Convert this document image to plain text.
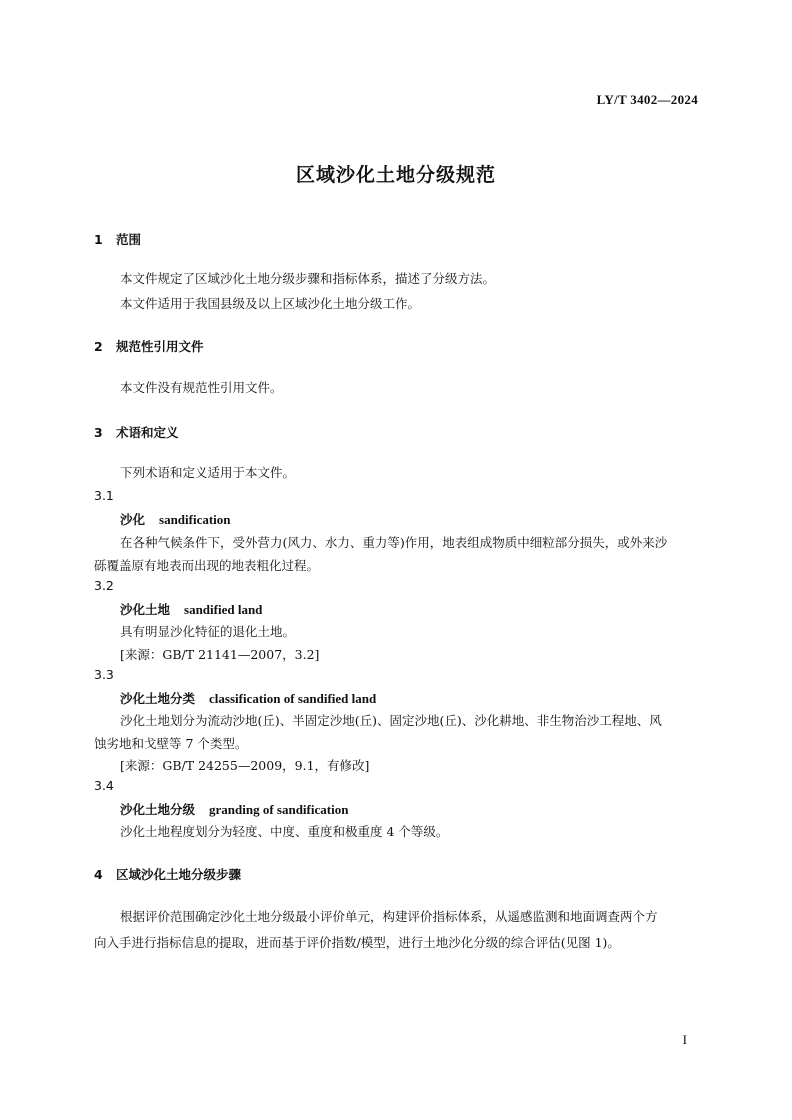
LY/T 3402—2024
区域沙化土地分级规范
1 范围
本文件规定了区域沙化土地分级步骤和指标体系，描述了分级方法。
本文件适用于我国县级及以上区域沙化土地分级工作。
2 规范性引用文件
本文件没有规范性引用文件。
3 术语和定义
下列术语和定义适用于本文件。
3.1
沙化 sandification
在各种气候条件下，受外营力(风力、水力、重力等)作用，地表组成物质中细粒部分损失，或外来沙
砾覆盖原有地表而出现的地表粗化过程。
3.2
沙化土地 sandified land
具有明显沙化特征的退化土地。
[来源：GB/T 21141—2007，3.2]
3.3
沙化土地分类 classification of sandified land
沙化土地划分为流动沙地(丘)、半固定沙地(丘)、固定沙地(丘)、沙化耕地、非生物治沙工程地、风
蚀劣地和戈壁等 7 个类型。
[来源：GB/T 24255—2009，9.1，有修改]
3.4
沙化土地分级 granding of sandification
沙化土地程度划分为轻度、中度、重度和极重度 4 个等级。
4 区域沙化土地分级步骤
根据评价范围确定沙化土地分级最小评价单元，构建评价指标体系，从遥感监测和地面调查两个方
向入手进行指标信息的提取，进而基于评价指数/模型，进行土地沙化分级的综合评估(见图 1)。
I
